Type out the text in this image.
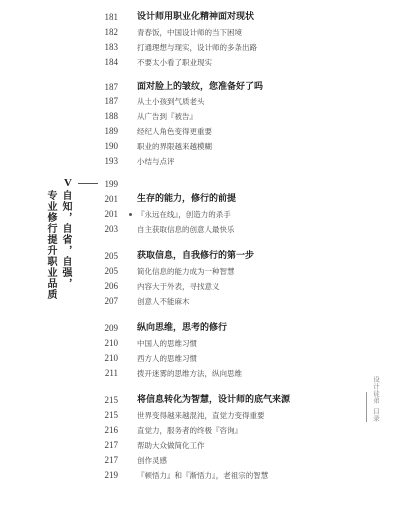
181 设计师用职业化精神面对现状
182	青春饭，中国设计师的当下困境
183	打通理想与现实，设计师的多条出路
184	不要太小看了职业现实
187 面对脸上的皱纹，您准备好了吗
187	从土小孩到气质老头
188	从广告到『被告』
189	经纪人角色变得更重要
190	职业的界限越来越模糊
193	小结与点评
V
专业修行提升职业品质 自知，自省，自强，
199
201 生存的能力，修行的前提
201	『永远在线』，创造力的杀手
203	自主获取信息的创意人最快乐
205 获取信息，自我修行的第一步
205	简化信息的能力成为一种智慧
206	内容大于外表，寻找意义
207	创意人不能麻木
209 纵向思维，思考的修行
210	中国人的思维习惯
210	西方人的思维习惯
211	拨开迷雾的思维方法，纵向思维
215 将信息转化为智慧，设计师的底气来源
215	世界变得越来越混沌，直觉力变得重要
216	直觉力，服务者的终极『咨询』
217	帮助大众做简化工作
217	创作灵感
219	『顿悟力』和『渐悟力』，老祖宗的智慧
设计徒弟
目录
